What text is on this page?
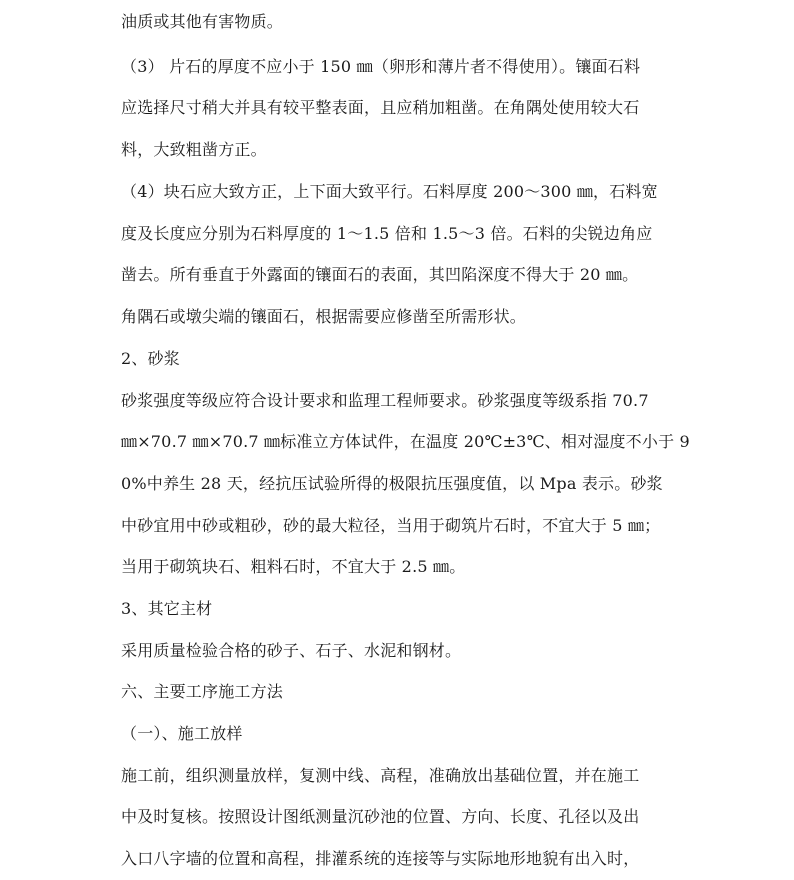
油质或其他有害物质。
（3） 片石的厚度不应小于 150 ㎜（卵形和薄片者不得使用）。镶面石料
应选择尺寸稍大并具有较平整表面，且应稍加粗凿。在角隅处使用较大石
料，大致粗凿方正。
（4）块石应大致方正，上下面大致平行。石料厚度 200～300 ㎜，石料宽
度及长度应分别为石料厚度的 1～1.5 倍和 1.5～3 倍。石料的尖锐边角应
凿去。所有垂直于外露面的镶面石的表面，其凹陷深度不得大于 20 ㎜。
角隅石或墩尖端的镶面石，根据需要应修凿至所需形状。
2、砂浆
砂浆强度等级应符合设计要求和监理工程师要求。砂浆强度等级系指 70.7
㎜×70.7 ㎜×70.7 ㎜标准立方体试件，在温度 20℃±3℃、相对湿度不小于 9
0%中养生 28 天，经抗压试验所得的极限抗压强度值，以 Mpa 表示。砂浆
中砂宜用中砂或粗砂，砂的最大粒径，当用于砌筑片石时，不宜大于 5 ㎜；
当用于砌筑块石、粗料石时，不宜大于 2.5 ㎜。
3、其它主材
采用质量检验合格的砂子、石子、水泥和钢材。
六、主要工序施工方法
（一）、施工放样
施工前，组织测量放样，复测中线、高程，准确放出基础位置，并在施工
中及时复核。按照设计图纸测量沉砂池的位置、方向、长度、孔径以及出
入口八字墙的位置和高程，排灌系统的连接等与实际地形地貌有出入时，
